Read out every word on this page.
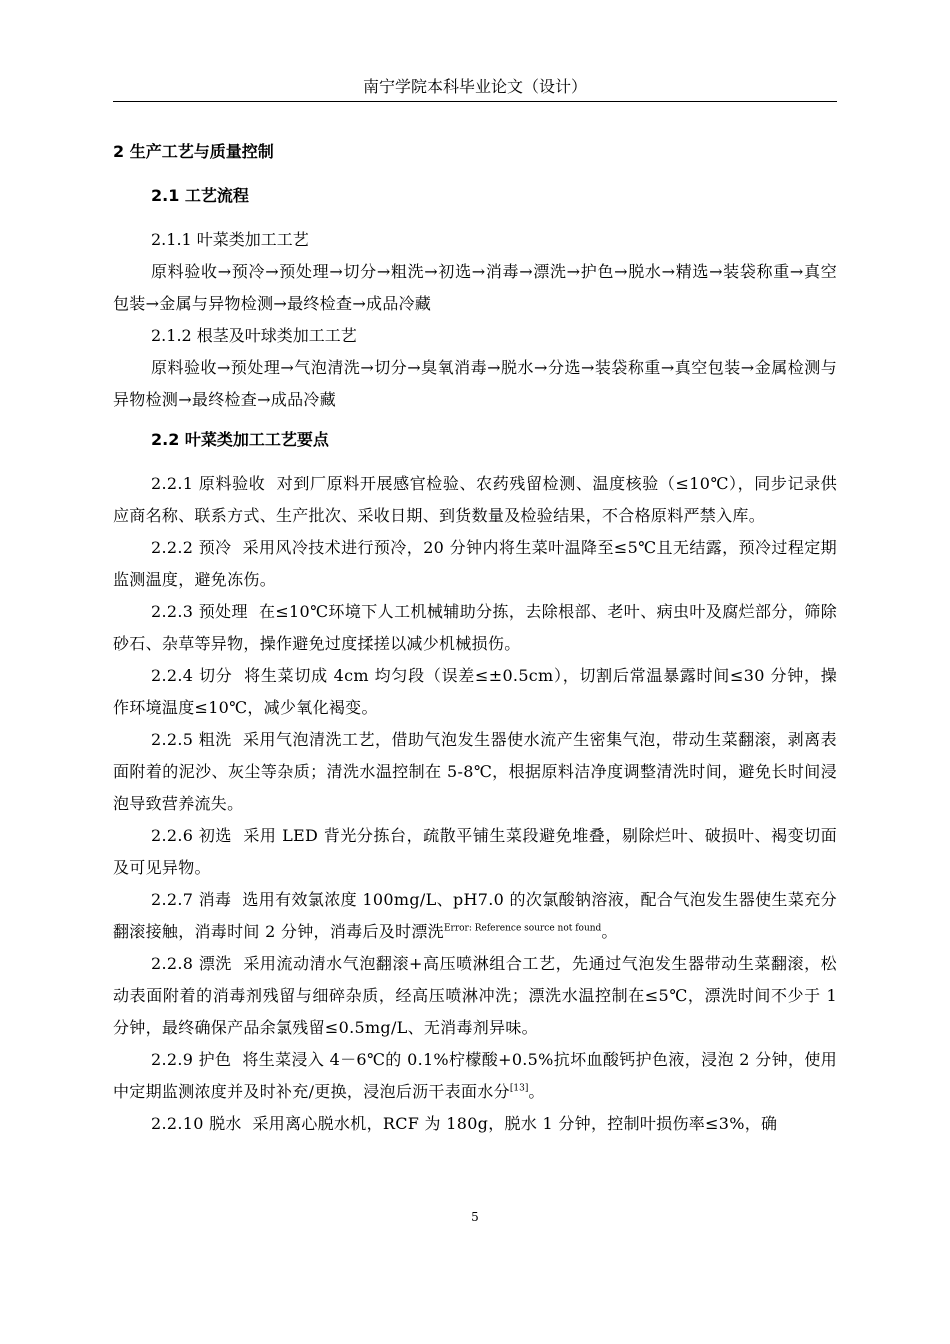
南宁学院本科毕业论文（设计）
2 生产工艺与质量控制
2.1 工艺流程
2.1.1 叶菜类加工工艺

原料验收→预冷→预处理→切分→粗洗→初选→消毒→漂洗→护色→脱水→精选→装袋称重→真空包装→金属与异物检测→最终检查→成品冷藏

2.1.2 根茎及叶球类加工工艺

原料验收→预处理→气泡清洗→切分→臭氧消毒→脱水→分选→装袋称重→真空包装→金属检测与异物检测→最终检查→成品冷藏

2.2 叶菜类加工工艺要点

2.2.1 原料验收 对到厂原料开展感官检验、农药残留检测、温度核验（≤10℃），同步记录供应商名称、联系方式、生产批次、采收日期、到货数量及检验结果，不合格原料严禁入库。

2.2.2 预冷 采用风冷技术进行预冷，20 分钟内将生菜叶温降至≤5℃且无结露，预冷过程定期监测温度，避免冻伤。

2.2.3 预处理 在≤10℃环境下人工机械辅助分拣，去除根部、老叶、病虫叶及腐烂部分，筛除砂石、杂草等异物，操作避免过度揉搓以减少机械损伤。

2.2.4 切分 将生菜切成 4cm 均匀段（误差≤±0.5cm），切割后常温暴露时间≤30 分钟，操作环境温度≤10℃，减少氧化褐变。

2.2.5 粗洗 采用气泡清洗工艺，借助气泡发生器使水流产生密集气泡，带动生菜翻滚，剥离表面附着的泥沙、灰尘等杂质；清洗水温控制在 5-8℃，根据原料洁净度调整清洗时间，避免长时间浸泡导致营养流失。

2.2.6 初选 采用 LED 背光分拣台，疏散平铺生菜段避免堆叠，剔除烂叶、破损叶、褐变切面及可见异物。

2.2.7 消毒 选用有效氯浓度 100mg/L、pH7.0 的次氯酸钠溶液，配合气泡发生器使生菜充分翻滚接触，消毒时间 2 分钟，消毒后及时漂洗$^{Error: Reference source not found}$。

2.2.8 漂洗 采用流动清水气泡翻滚+高压喷淋组合工艺，先通过气泡发生器带动生菜翻滚，松动表面附着的消毒剂残留与细碎杂质，经高压喷淋冲洗；漂洗水温控制在≤5℃，漂洗时间不少于 1 分钟，最终确保产品余氯残留≤0.5mg/L、无消毒剂异味。

2.2.9 护色 将生菜浸入 4－6℃的 0.1%柠檬酸+0.5%抗坏血酸钙护色液，浸泡 2 分钟，使用中定期监测浓度并及时补充/更换，浸泡后沥干表面水分[13]。

2.2.10 脱水 采用离心脱水机，RCF 为 180g，脱水 1 分钟，控制叶损伤率≤3%，确

5
